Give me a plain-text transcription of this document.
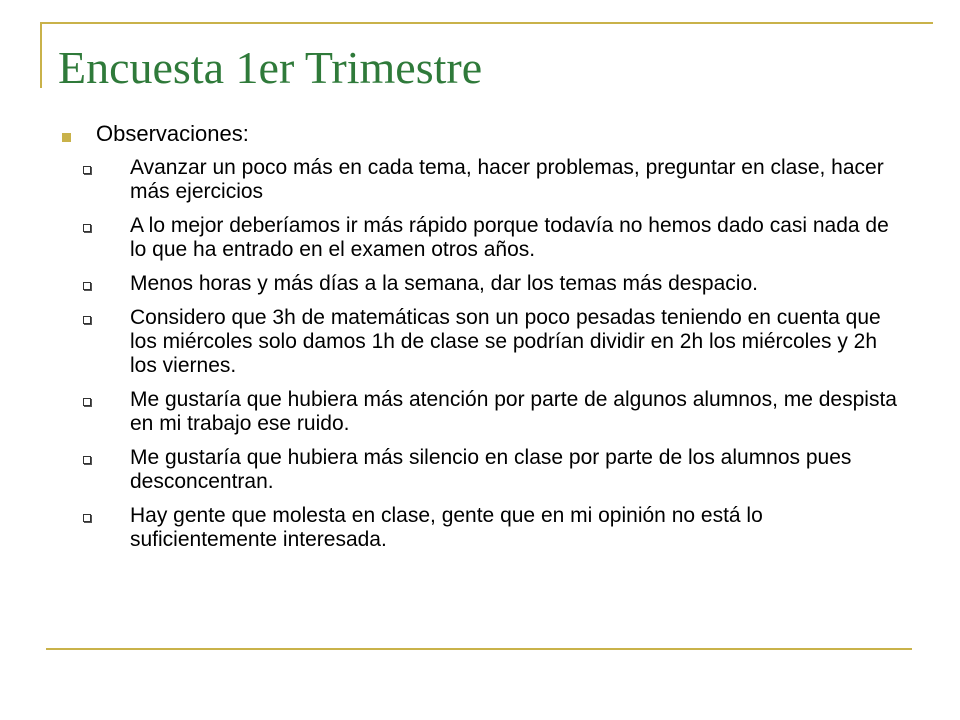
Encuesta 1er Trimestre
Observaciones:
Avanzar un poco más en cada tema, hacer problemas, preguntar en clase, hacer más ejercicios
A lo mejor deberíamos ir más rápido porque todavía no hemos dado casi nada de lo que ha entrado en el examen otros años.
Menos horas y más días a la semana, dar los temas más despacio.
Considero que 3h de matemáticas son un poco pesadas teniendo en cuenta que los miércoles solo damos 1h de clase se podrían dividir en 2h los miércoles y 2h los viernes.
Me gustaría que hubiera más atención por parte de algunos alumnos, me despista en mi trabajo ese ruido.
Me gustaría que hubiera más silencio en clase por parte de los alumnos pues desconcentran.
Hay gente que molesta en clase, gente que en mi opinión no está lo suficientemente interesada.
